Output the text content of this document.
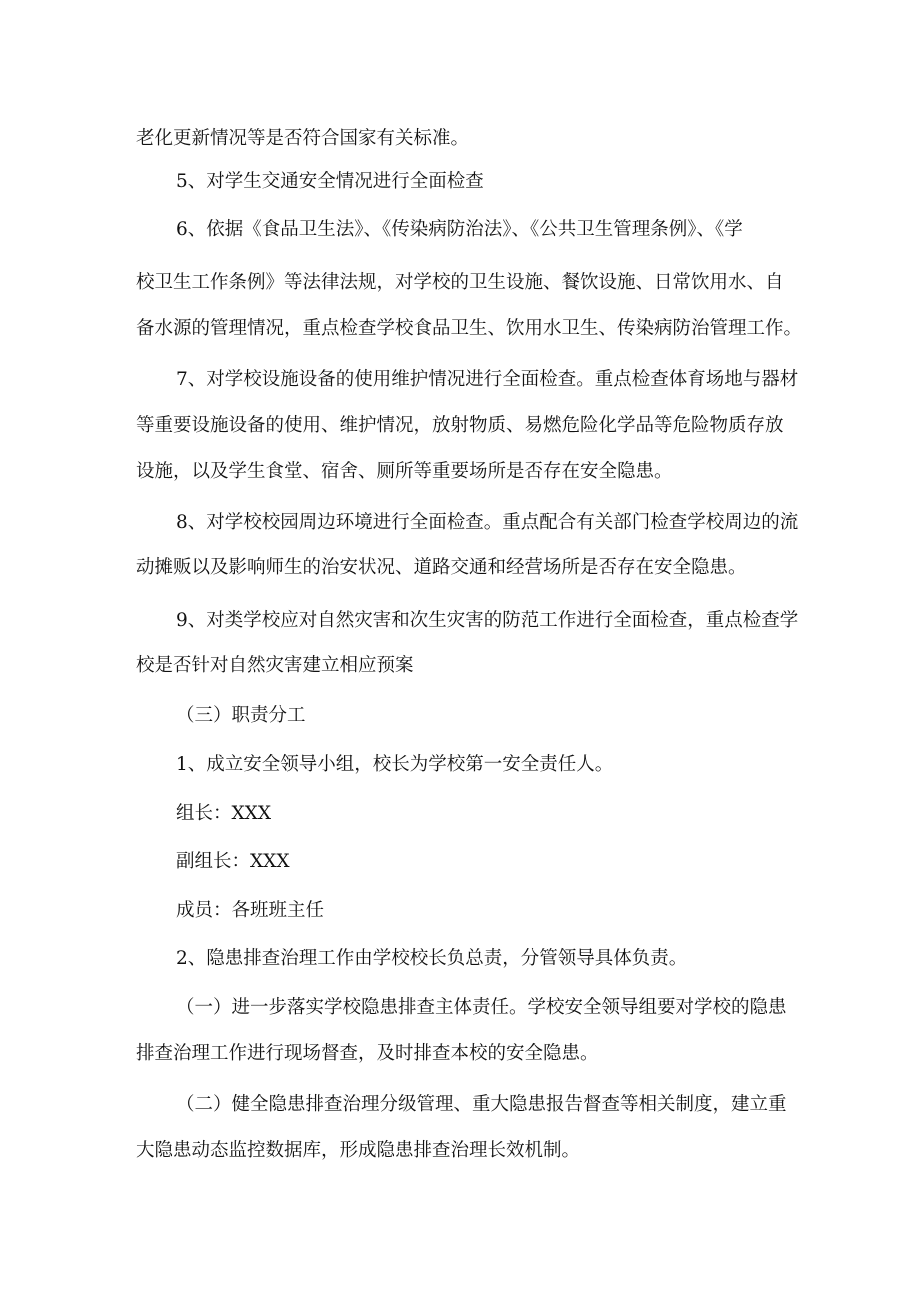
老化更新情况等是否符合国家有关标准。
5、对学生交通安全情况进行全面检查
6、依据《食品卫生法》、《传染病防治法》、《公共卫生管理条例》、《学
校卫生工作条例》等法律法规，对学校的卫生设施、餐饮设施、日常饮用水、自
备水源的管理情况，重点检查学校食品卫生、饮用水卫生、传染病防治管理工作。
7、对学校设施设备的使用维护情况进行全面检查。重点检查体育场地与器材
等重要设施设备的使用、维护情况，放射物质、易燃危险化学品等危险物质存放
设施，以及学生食堂、宿舍、厕所等重要场所是否存在安全隐患。
8、对学校校园周边环境进行全面检查。重点配合有关部门检查学校周边的流
动摊贩以及影响师生的治安状况、道路交通和经营场所是否存在安全隐患。
9、对类学校应对自然灾害和次生灾害的防范工作进行全面检查，重点检查学
校是否针对自然灾害建立相应预案
（三）职责分工
1、成立安全领导小组，校长为学校第一安全责任人。
组长：XXX
副组长：XXX
成员：各班班主任
2、隐患排查治理工作由学校校长负总责，分管领导具体负责。
（一）进一步落实学校隐患排查主体责任。学校安全领导组要对学校的隐患
排查治理工作进行现场督查，及时排查本校的安全隐患。
（二）健全隐患排查治理分级管理、重大隐患报告督查等相关制度，建立重
大隐患动态监控数据库，形成隐患排查治理长效机制。
